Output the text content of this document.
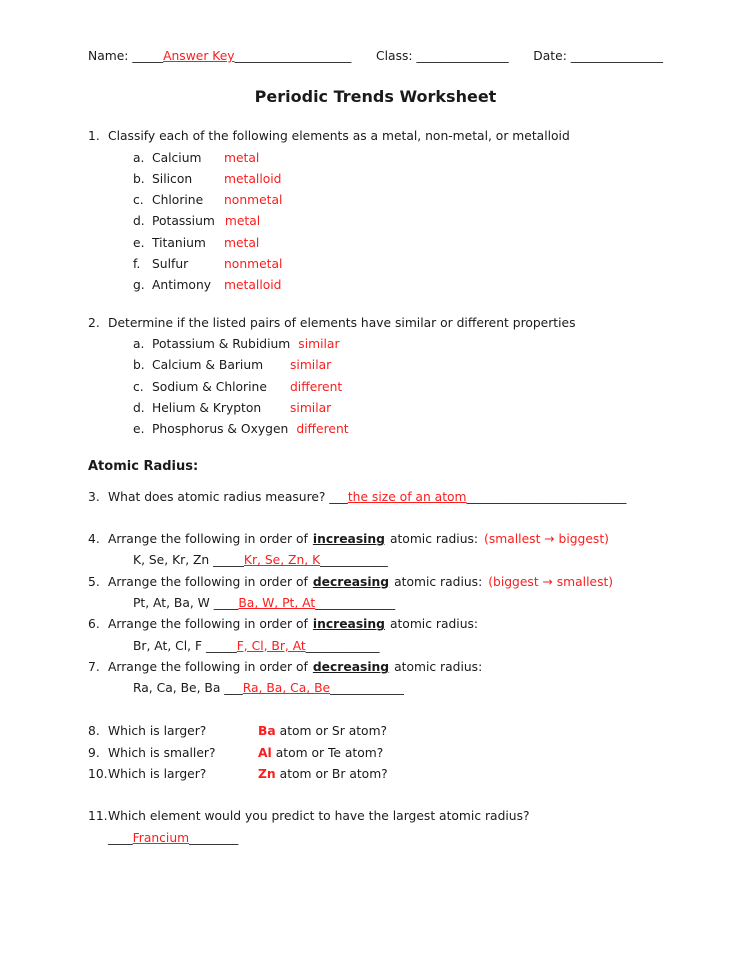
Name: _____Answer Key___________________ Class: _______________ Date: _______________
Periodic Trends Worksheet
1. Classify each of the following elements as a metal, non-metal, or metalloid
a. Calcium metal
b. Silicon	metalloid
c. Chlorine nonmetal
d. Potassium metal
e. Titanium metal
f. Sulfur	nonmetal
g. Antimony metalloid
2. Determine if the listed pairs of elements have similar or different properties
a. Potassium & Rubidium similar
b. Calcium & Barium similar
c. Sodium & Chlorine different
d. Helium & Krypton similar
e. Phosphorus & Oxygen different
Atomic Radius:
3. What does atomic radius measure? ___the size of an atom__________________________
4. Arrange the following in order of increasing atomic radius: (smallest → biggest)
K, Se, Kr, Zn _____Kr, Se, Zn, K___________
5. Arrange the following in order of decreasing atomic radius: (biggest → smallest)
Pt, At, Ba, W ____Ba, W, Pt, At_____________
6. Arrange the following in order of increasing atomic radius:
Br, At, Cl, F _____F, Cl, Br, At____________
7. Arrange the following in order of decreasing atomic radius:
Ra, Ca, Be, Ba ___Ra, Ba, Ca, Be____________
8. Which is larger?	Ba atom or Sr atom?
9. Which is smaller?	Al atom or Te atom?
10. Which is larger?	Zn atom or Br atom?
11. Which element would you predict to have the largest atomic radius?
____Francium________
